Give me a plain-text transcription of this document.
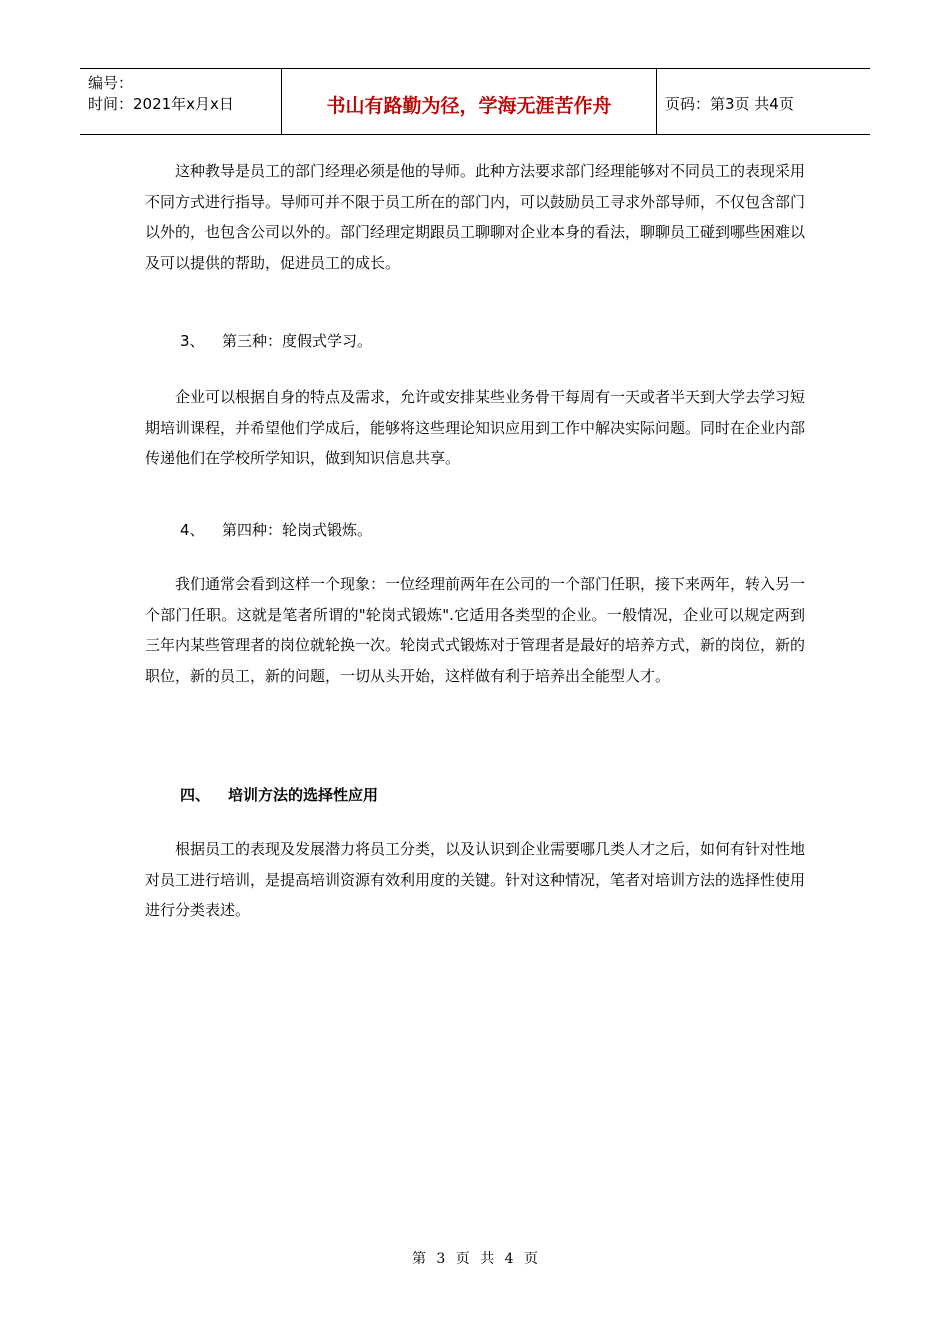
编号：
时间：2021年x月x日	书山有路勤为径，学海无涯苦作舟	页码：第3页 共4页
这种教导是员工的部门经理必须是他的导师。此种方法要求部门经理能够对不同员工的表现采用不同方式进行指导。导师可并不限于员工所在的部门内，可以鼓励员工寻求外部导师，不仅包含部门以外的，也包含公司以外的。部门经理定期跟员工聊聊对企业本身的看法，聊聊员工碰到哪些困难以及可以提供的帮助，促进员工的成长。
3、 第三种：度假式学习。
企业可以根据自身的特点及需求，允许或安排某些业务骨干每周有一天或者半天到大学去学习短期培训课程，并希望他们学成后，能够将这些理论知识应用到工作中解决实际问题。同时在企业内部传递他们在学校所学知识，做到知识信息共享。
4、 第四种：轮岗式锻炼。
我们通常会看到这样一个现象：一位经理前两年在公司的一个部门任职，接下来两年，转入另一个部门任职。这就是笔者所谓的"轮岗式锻炼".它适用各类型的企业。一般情况，企业可以规定两到三年内某些管理者的岗位就轮换一次。轮岗式式锻炼对于管理者是最好的培养方式，新的岗位，新的职位，新的员工，新的问题，一切从头开始，这样做有利于培养出全能型人才。
四、 培训方法的选择性应用
根据员工的表现及发展潜力将员工分类，以及认识到企业需要哪几类人才之后，如何有针对性地对员工进行培训，是提高培训资源有效利用度的关键。针对这种情况，笔者对培训方法的选择性使用进行分类表述。
第 3 页 共 4 页
